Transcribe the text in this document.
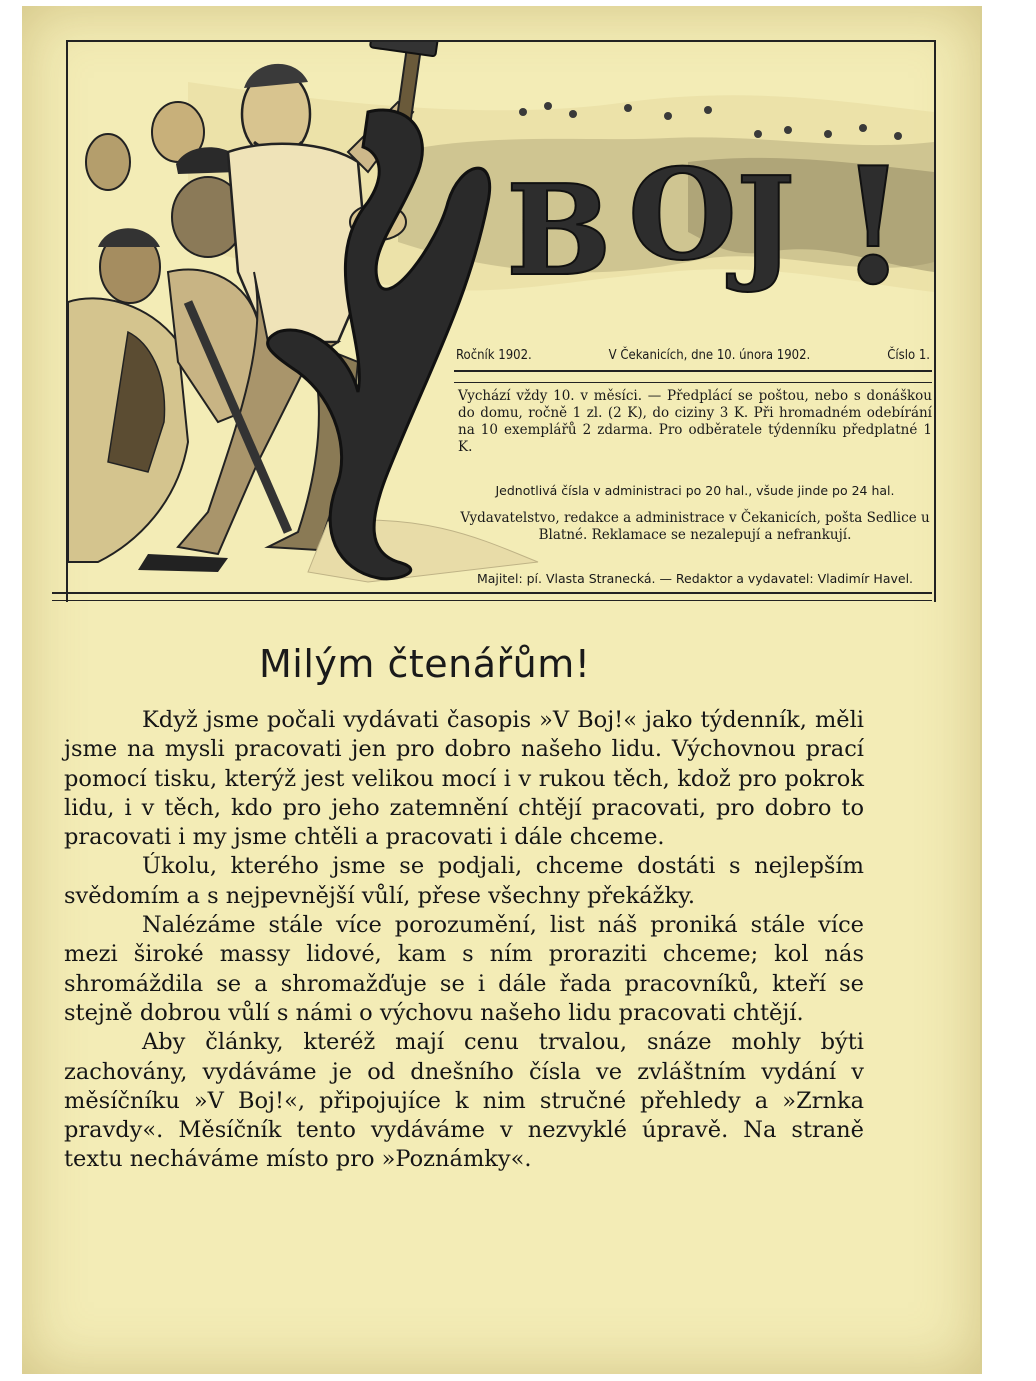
B O J !
Ročník 1902.	V Čekanicích, dne 10. února 1902.	Číslo 1.
Vychází vždy 10. v měsíci. — Předplácí se poštou, nebo s donáškou do domu, ročně 1 zl. (2 K), do ciziny 3 K. Při hromadném odebírání na 10 exemplářů 2 zdarma. Pro odběratele týdenníku předplatné 1 K.
Jednotlivá čísla v administraci po 20 hal., všude jinde po 24 hal.
Vydavatelstvo, redakce a administrace v Čekanicích, pošta Sedlice u Blatné. Reklamace se nezalepují a nefrankují.
Majitel: pí. Vlasta Stranecká. — Redaktor a vydavatel: Vladimír Havel.
Milým čtenářům!

Když jsme počali vydávati časopis »V Boj!« jako týdenník, měli jsme na mysli pracovati jen pro dobro našeho lidu. Výchovnou prací pomocí tisku, kterýž jest velikou mocí i v rukou těch, kdož pro pokrok lidu, i v těch, kdo pro jeho zatemnění chtějí pracovati, pro dobro to pracovati i my jsme chtěli a pracovati i dále chceme.

Úkolu, kterého jsme se podjali, chceme dostáti s nejlepším svědomím a s nejpevnější vůlí, přese všechny překážky.

Nalézáme stále více porozumění, list náš proniká stále více mezi široké massy lidové, kam s ním proraziti chceme; kol nás shromáždila se a shromažďuje se i dále řada pracovníků, kteří se stejně dobrou vůlí s námi o výchovu našeho lidu pracovati chtějí.

Aby články, kteréž mají cenu trvalou, snáze mohly býti zachovány, vydáváme je od dnešního čísla ve zvláštním vydání v měsíčníku »V Boj!«, připojujíce k nim stručné přehledy a »Zrnka pravdy«. Měsíčník tento vydáváme v nezvyklé úpravě. Na straně textu necháváme místo pro »Poznámky«.
